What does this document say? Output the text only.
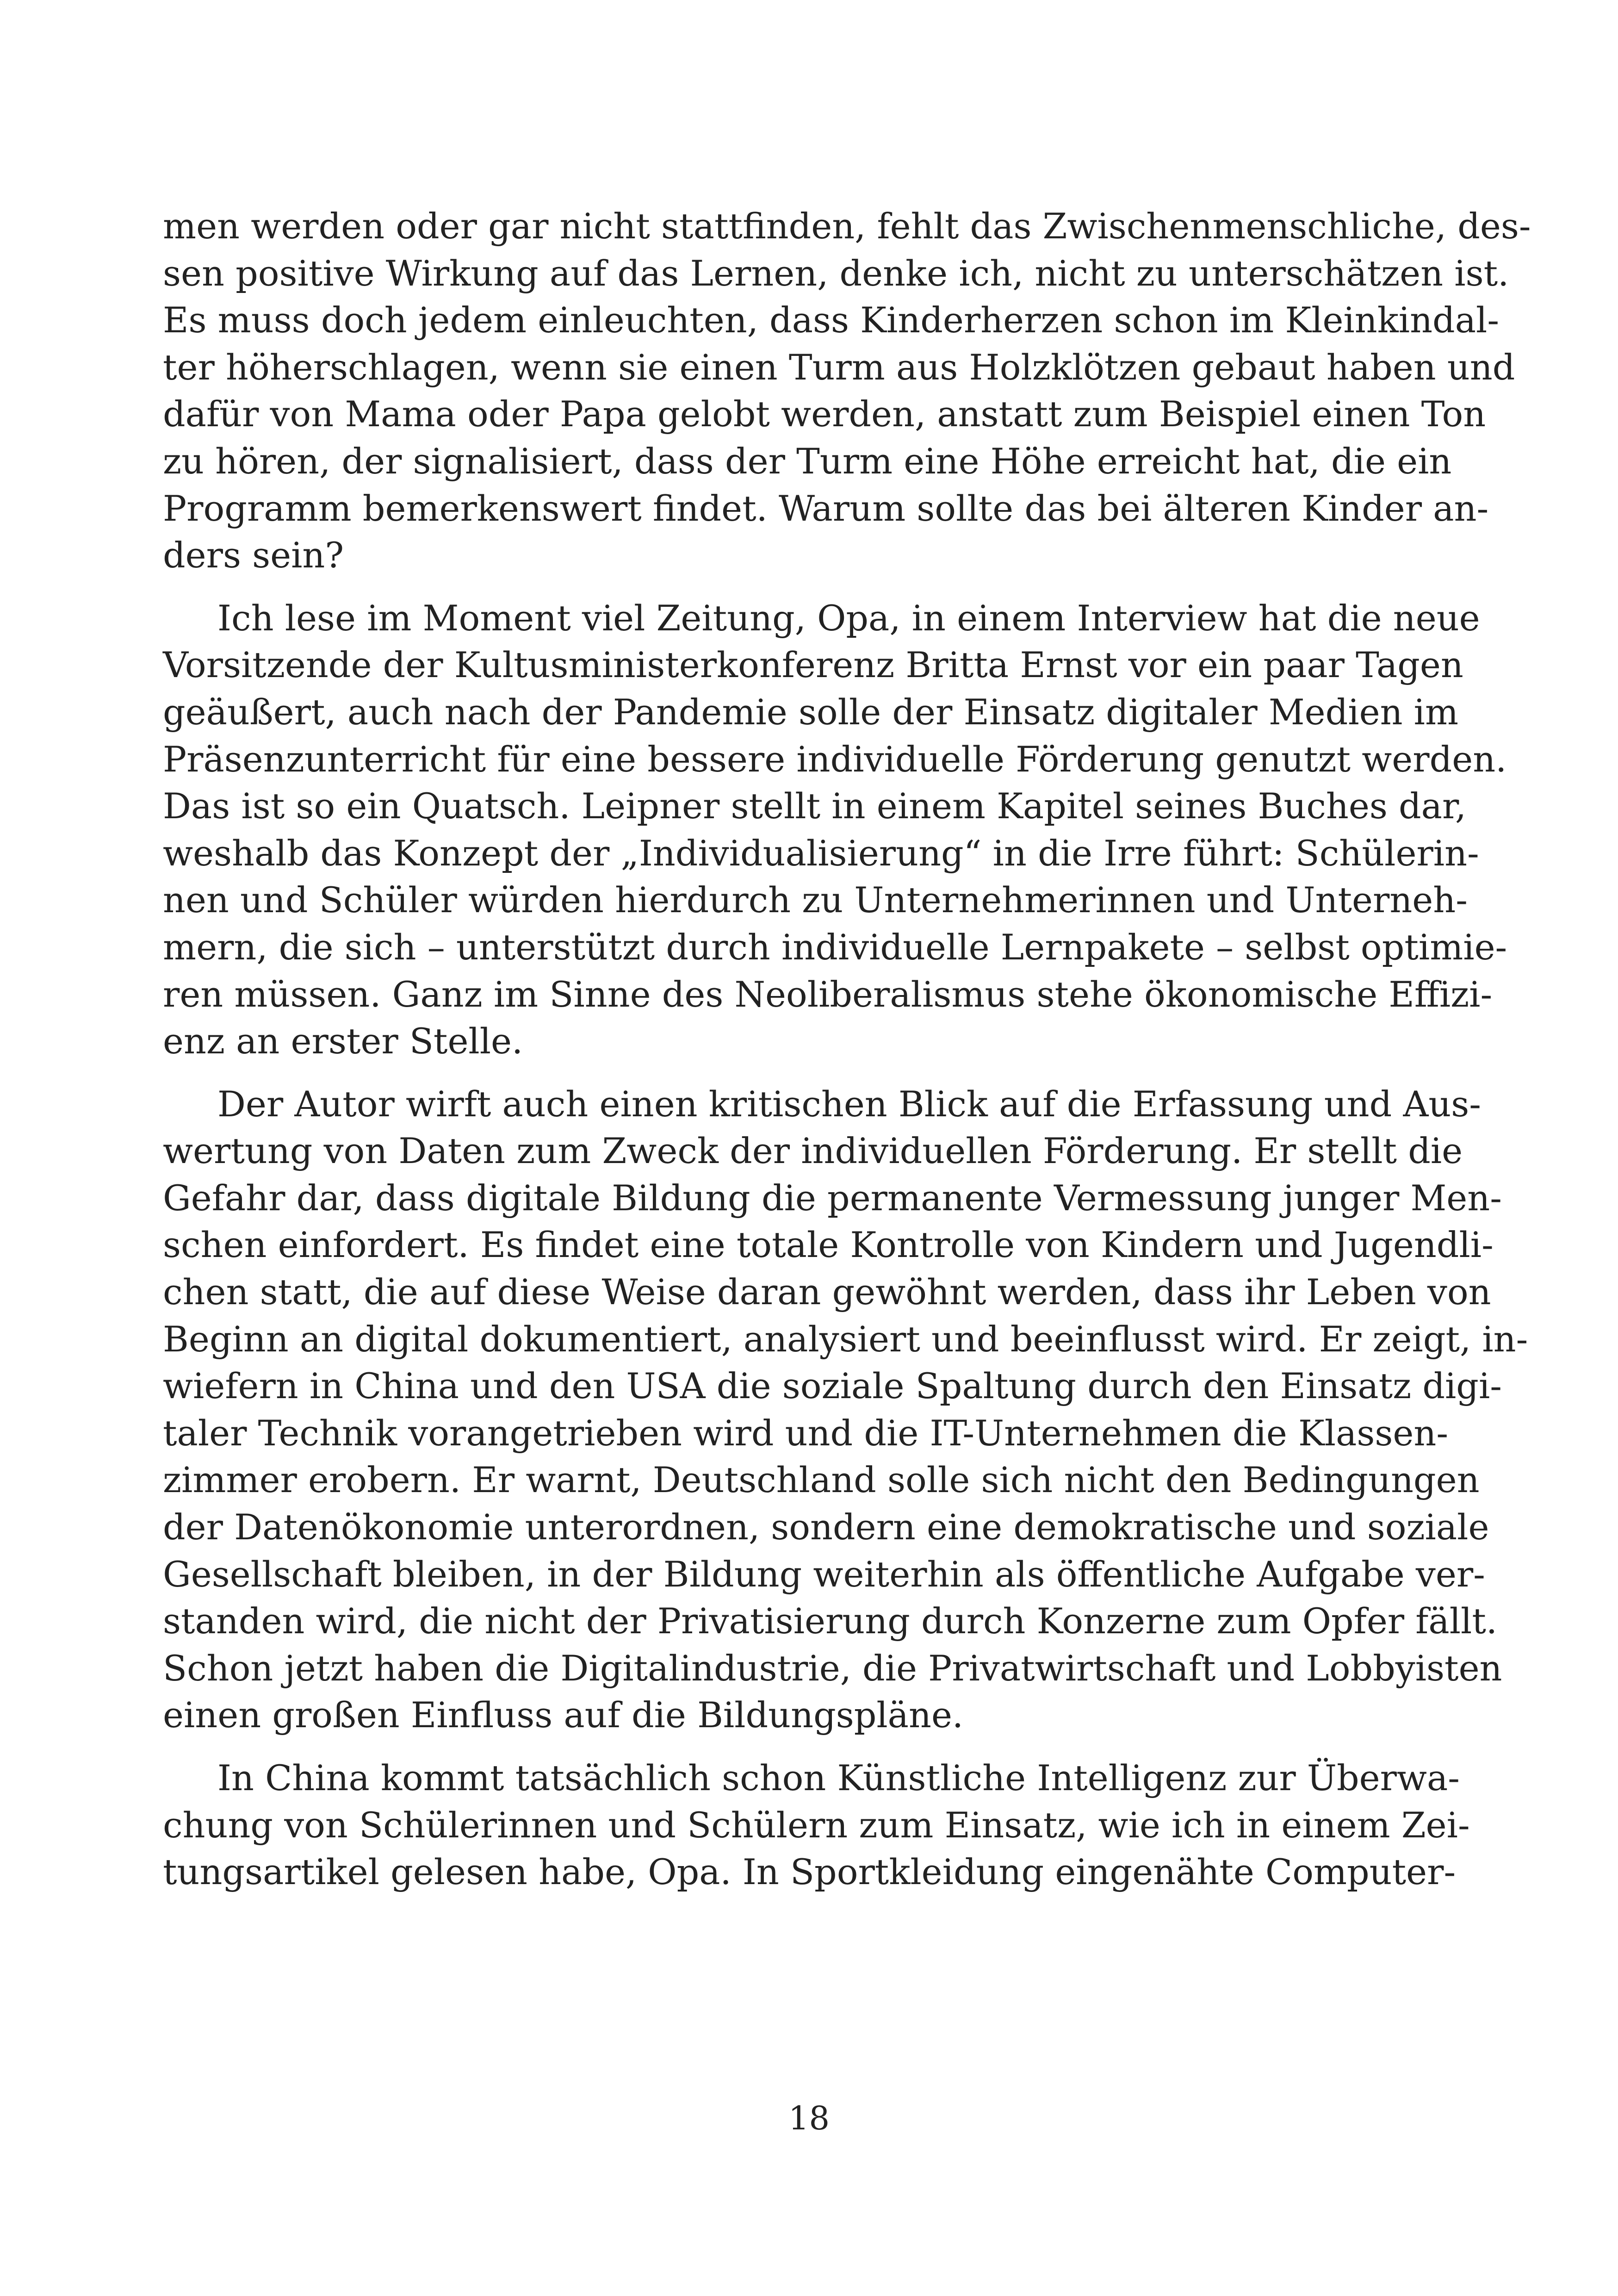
men werden oder gar nicht stattfinden, fehlt das Zwischenmenschliche, des-
sen positive Wirkung auf das Lernen, denke ich, nicht zu unterschätzen ist.
Es muss doch jedem einleuchten, dass Kinderherzen schon im Kleinkindal-
ter höherschlagen, wenn sie einen Turm aus Holzklötzen gebaut haben und
dafür von Mama oder Papa gelobt werden, anstatt zum Beispiel einen Ton
zu hören, der signalisiert, dass der Turm eine Höhe erreicht hat, die ein
Programm bemerkenswert findet. Warum sollte das bei älteren Kinder an-
ders sein?
Ich lese im Moment viel Zeitung, Opa, in einem Interview hat die neue
Vorsitzende der Kultusministerkonferenz Britta Ernst vor ein paar Tagen
geäußert, auch nach der Pandemie solle der Einsatz digitaler Medien im
Präsenzunterricht für eine bessere individuelle Förderung genutzt werden.
Das ist so ein Quatsch. Leipner stellt in einem Kapitel seines Buches dar,
weshalb das Konzept der „Individualisierung“ in die Irre führt: Schülerin-
nen und Schüler würden hierdurch zu Unternehmerinnen und Unterneh-
mern, die sich – unterstützt durch individuelle Lernpakete – selbst optimie-
ren müssen. Ganz im Sinne des Neoliberalismus stehe ökonomische Effizi-
enz an erster Stelle.
Der Autor wirft auch einen kritischen Blick auf die Erfassung und Aus-
wertung von Daten zum Zweck der individuellen Förderung. Er stellt die
Gefahr dar, dass digitale Bildung die permanente Vermessung junger Men-
schen einfordert. Es findet eine totale Kontrolle von Kindern und Jugendli-
chen statt, die auf diese Weise daran gewöhnt werden, dass ihr Leben von
Beginn an digital dokumentiert, analysiert und beeinflusst wird. Er zeigt, in-
wiefern in China und den USA die soziale Spaltung durch den Einsatz digi-
taler Technik vorangetrieben wird und die IT-Unternehmen die Klassen-
zimmer erobern. Er warnt, Deutschland solle sich nicht den Bedingungen
der Datenökonomie unterordnen, sondern eine demokratische und soziale
Gesellschaft bleiben, in der Bildung weiterhin als öffentliche Aufgabe ver-
standen wird, die nicht der Privatisierung durch Konzerne zum Opfer fällt.
Schon jetzt haben die Digitalindustrie, die Privatwirtschaft und Lobbyisten
einen großen Einfluss auf die Bildungspläne.
In China kommt tatsächlich schon Künstliche Intelligenz zur Überwa-
chung von Schülerinnen und Schülern zum Einsatz, wie ich in einem Zei-
tungsartikel gelesen habe, Opa. In Sportkleidung eingenähte Computer-
18
